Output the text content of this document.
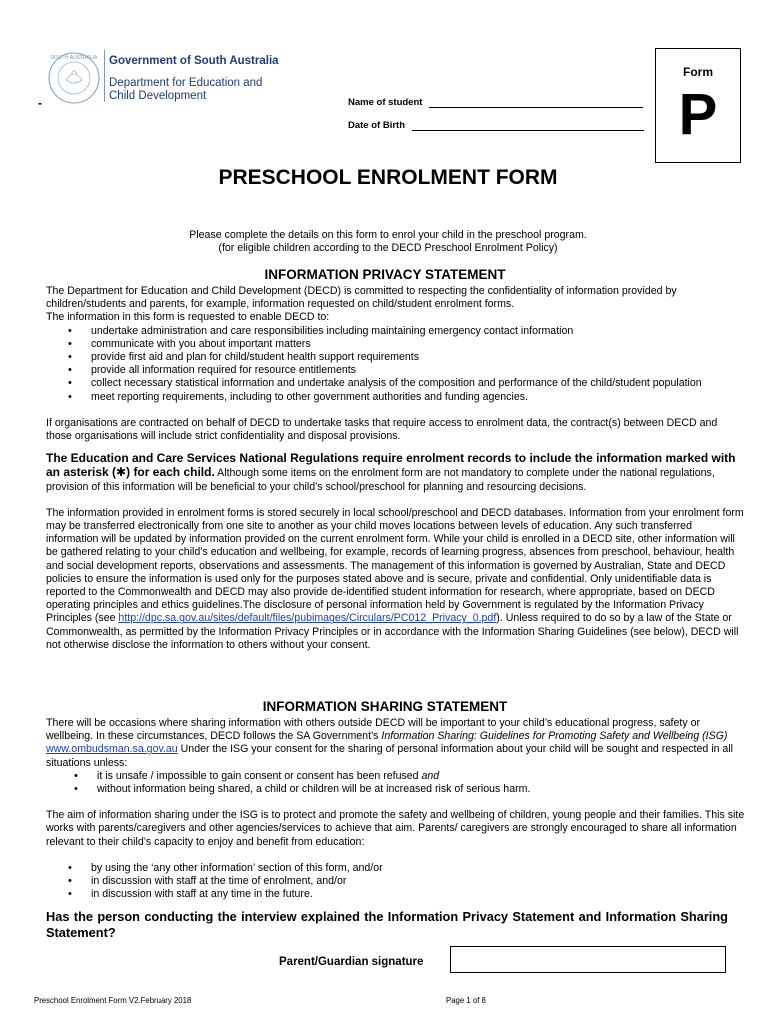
SOUTH AUSTRALIA Government of South Australia
Department for Education and
Child Development
-	Name of student
Date of Birth
Form
P
PRESCHOOL ENROLMENT FORM
Please complete the details on this form to enrol your child in the preschool program.
(for eligible children according to the DECD Preschool Enrolment Policy)
INFORMATION PRIVACY STATEMENT

The Department for Education and Child Development (DECD) is committed to respecting the confidentiality of information provided by children/students and parents, for example, information requested on child/student enrolment forms.

The information in this form is requested to enable DECD to:

• undertake administration and care responsibilities including maintaining emergency contact information
• communicate with you about important matters
• provide first aid and plan for child/student health support requirements
• provide all information required for resource entitlements
• collect necessary statistical information and undertake analysis of the composition and performance of the child/student population
• meet reporting requirements, including to other government authorities and funding agencies.

If organisations are contracted on behalf of DECD to undertake tasks that require access to enrolment data, the contract(s) between DECD and those organisations will include strict confidentiality and disposal provisions.

The Education and Care Services National Regulations require enrolment records to include the information marked with an asterisk (✱) for each child. Although some items on the enrolment form are not mandatory to complete under the national regulations, provision of this information will be beneficial to your child’s school/preschool for planning and resourcing decisions.

The information provided in enrolment forms is stored securely in local school/preschool and DECD databases. Information from your enrolment form may be transferred electronically from one site to another as your child moves locations between levels of education. Any such transferred information will be updated by information provided on the current enrolment form. While your child is enrolled in a DECD site, other information will be gathered relating to your child’s education and wellbeing, for example, records of learning progress, absences from preschool, behaviour, health and social development reports, observations and assessments. The management of this information is governed by Australian, State and DECD policies to ensure the information is used only for the purposes stated above and is secure, private and confidential. Only unidentifiable data is reported to the Commonwealth and DECD may also provide de-identified student information for research, where appropriate, based on DECD operating principles and ethics guidelines.The disclosure of personal information held by Government is regulated by the Information Privacy Principles (see http://dpc.sa.gov.au/sites/default/files/pubimages/Circulars/PC012_Privacy_0.pdf). Unless required to do so by a law of the State or Commonwealth, as permitted by the Information Privacy Principles or in accordance with the Information Sharing Guidelines (see below), DECD will not otherwise disclose the information to others without your consent.

INFORMATION SHARING STATEMENT

There will be occasions where sharing information with others outside DECD will be important to your child’s educational progress, safety or wellbeing. In these circumstances, DECD follows the SA Government’s Information Sharing: Guidelines for Promoting Safety and Wellbeing (ISG) www.ombudsman.sa.gov.au Under the ISG your consent for the sharing of personal information about your child will be sought and respected in all situations unless:

• it is unsafe / impossible to gain consent or consent has been refused and
• without information being shared, a child or children will be at increased risk of serious harm.

The aim of information sharing under the ISG is to protect and promote the safety and wellbeing of children, young people and their families. This site works with parents/caregivers and other agencies/services to achieve that aim. Parents/ caregivers are strongly encouraged to share all information relevant to their child’s capacity to enjoy and benefit from education:

• by using the ‘any other information’ section of this form, and/or
• in discussion with staff at the time of enrolment, and/or
• in discussion with staff at any time in the future.
Has the person conducting the interview explained the Information Privacy Statement and Information Sharing Statement?
Parent/Guardian signature
Preschool Enrolment Form V2.February 2018	Page 1 of 8
